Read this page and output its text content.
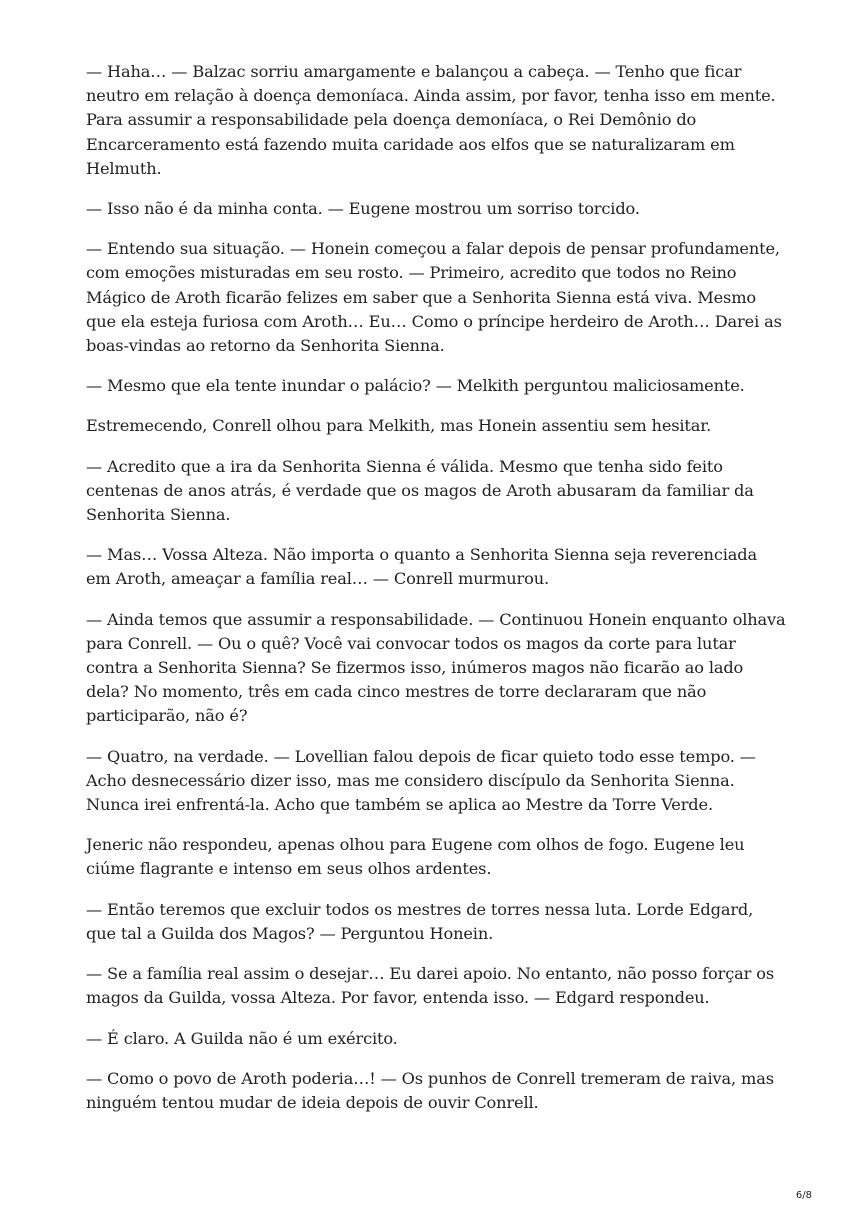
— Haha… — Balzac sorriu amargamente e balançou a cabeça. — Tenho que ficar neutro em relação à doença demoníaca. Ainda assim, por favor, tenha isso em mente. Para assumir a responsabilidade pela doença demoníaca, o Rei Demônio do Encarceramento está fazendo muita caridade aos elfos que se naturalizaram em Helmuth.

— Isso não é da minha conta. — Eugene mostrou um sorriso torcido.

— Entendo sua situação. — Honein começou a falar depois de pensar profundamente, com emoções misturadas em seu rosto. — Primeiro, acredito que todos no Reino Mágico de Aroth ficarão felizes em saber que a Senhorita Sienna está viva. Mesmo que ela esteja furiosa com Aroth… Eu… Como o príncipe herdeiro de Aroth… Darei as boas-vindas ao retorno da Senhorita Sienna.

— Mesmo que ela tente inundar o palácio? — Melkith perguntou maliciosamente.

Estremecendo, Conrell olhou para Melkith, mas Honein assentiu sem hesitar.

— Acredito que a ira da Senhorita Sienna é válida. Mesmo que tenha sido feito centenas de anos atrás, é verdade que os magos de Aroth abusaram da familiar da Senhorita Sienna.

— Mas… Vossa Alteza. Não importa o quanto a Senhorita Sienna seja reverenciada em Aroth, ameaçar a família real… — Conrell murmurou.

— Ainda temos que assumir a responsabilidade. — Continuou Honein enquanto olhava para Conrell. — Ou o quê? Você vai convocar todos os magos da corte para lutar contra a Senhorita Sienna? Se fizermos isso, inúmeros magos não ficarão ao lado dela? No momento, três em cada cinco mestres de torre declararam que não participarão, não é?

— Quatro, na verdade. — Lovellian falou depois de ficar quieto todo esse tempo. — Acho desnecessário dizer isso, mas me considero discípulo da Senhorita Sienna. Nunca irei enfrentá-la. Acho que também se aplica ao Mestre da Torre Verde.

Jeneric não respondeu, apenas olhou para Eugene com olhos de fogo. Eugene leu ciúme flagrante e intenso em seus olhos ardentes.

— Então teremos que excluir todos os mestres de torres nessa luta. Lorde Edgard, que tal a Guilda dos Magos? — Perguntou Honein.

— Se a família real assim o desejar… Eu darei apoio. No entanto, não posso forçar os magos da Guilda, vossa Alteza. Por favor, entenda isso. — Edgard respondeu.

— É claro. A Guilda não é um exército.

— Como o povo de Aroth poderia…! — Os punhos de Conrell tremeram de raiva, mas ninguém tentou mudar de ideia depois de ouvir Conrell.

6/8
